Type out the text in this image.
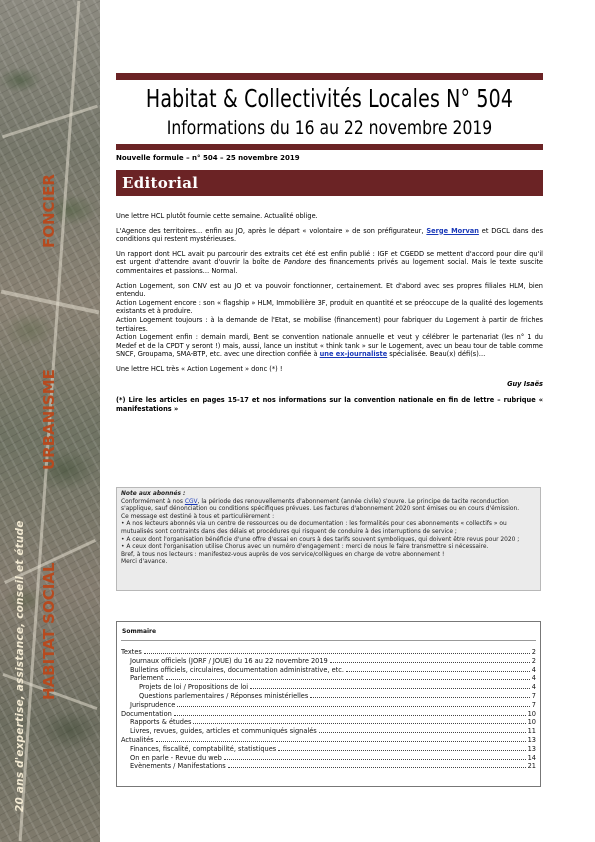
FONCIER
URBANISME
HABITAT SOCIAL
20 ans d'expertise, assistance, conseil et étude
Habitat & Collectivités Locales N° 504
Informations du 16 au 22 novembre 2019
Nouvelle formule – n° 504 – 25 novembre 2019
Editorial

Une lettre HCL plutôt fournie cette semaine. Actualité oblige.

L'Agence des territoires… enfin au JO, après le départ « volontaire » de son préfigurateur, Serge Morvan et DGCL dans des conditions qui restent mystérieuses.

Un rapport dont HCL avait pu parcourir des extraits cet été est enfin publié : IGF et CGEDD se mettent d'accord pour dire qu'il est urgent d'attendre avant d'ouvrir la boîte de Pandore des financements privés au logement social. Mais le texte suscite commentaires et passions… Normal.

Action Logement, son CNV est au JO et va pouvoir fonctionner, certainement. Et d'abord avec ses propres filiales HLM, bien entendu.

Action Logement encore : son « flagship » HLM, Immobilière 3F, produit en quantité et se préoccupe de la qualité des logements existants et à produire.

Action Logement toujours : à la demande de l'Etat, se mobilise (financement) pour fabriquer du Logement à partir de friches tertiaires.

Action Logement enfin : demain mardi, Bent se convention nationale annuelle et veut y célébrer le partenariat (les n° 1 du Medef et de la CPDT y seront !) mais, aussi, lance un institut « think tank » sur le Logement, avec un beau tour de table comme SNCF, Groupama, SMA-BTP, etc. avec une direction confiée à une ex-journaliste spécialisée. Beau(x) défi(s)…

Une lettre HCL très « Action Logement » donc (*) !

Guy Isaës

(*) Lire les articles en pages 15-17 et nos informations sur la convention nationale en fin de lettre – rubrique « manifestations »

Note aux abonnés :
Conformément à nos CGV, la période des renouvellements d'abonnement (année civile) s'ouvre. Le principe de tacite reconduction s'applique, sauf dénonciation ou conditions spécifiques prévues. Les factures d'abonnement 2020 sont émises ou en cours d'émission.
Ce message est destiné à tous et particulièrement :
• A nos lecteurs abonnés via un centre de ressources ou de documentation : les formalités pour ces abonnements « collectifs » ou mutualisés sont contraints dans des délais et procédures qui risquent de conduire à des interruptions de service ;
• A ceux dont l'organisation bénéficie d'une offre d'essai en cours à des tarifs souvent symboliques, qui doivent être revus pour 2020 ;
• A ceux dont l'organisation utilise Chorus avec un numéro d'engagement : merci de nous le faire transmettre si nécessaire.
Bref, à tous nos lecteurs : manifestez-vous auprès de vos service/collègues en charge de votre abonnement !
Merci d'avance.
Sommaire
Textes	2
Journaux officiels (JORF / JOUE) du 16 au 22 novembre 2019	2
Bulletins officiels, circulaires, documentation administrative, etc.	4
Parlement	4
Projets de loi / Propositions de loi	4
Questions parlementaires / Réponses ministérielles	7
Jurisprudence	7
Documentation	10
Rapports & études	10
Livres, revues, guides, articles et communiqués signalés	11
Actualités	13
Finances, fiscalité, comptabilité, statistiques	13
On en parle - Revue du web	14
Evènements / Manifestations	21
